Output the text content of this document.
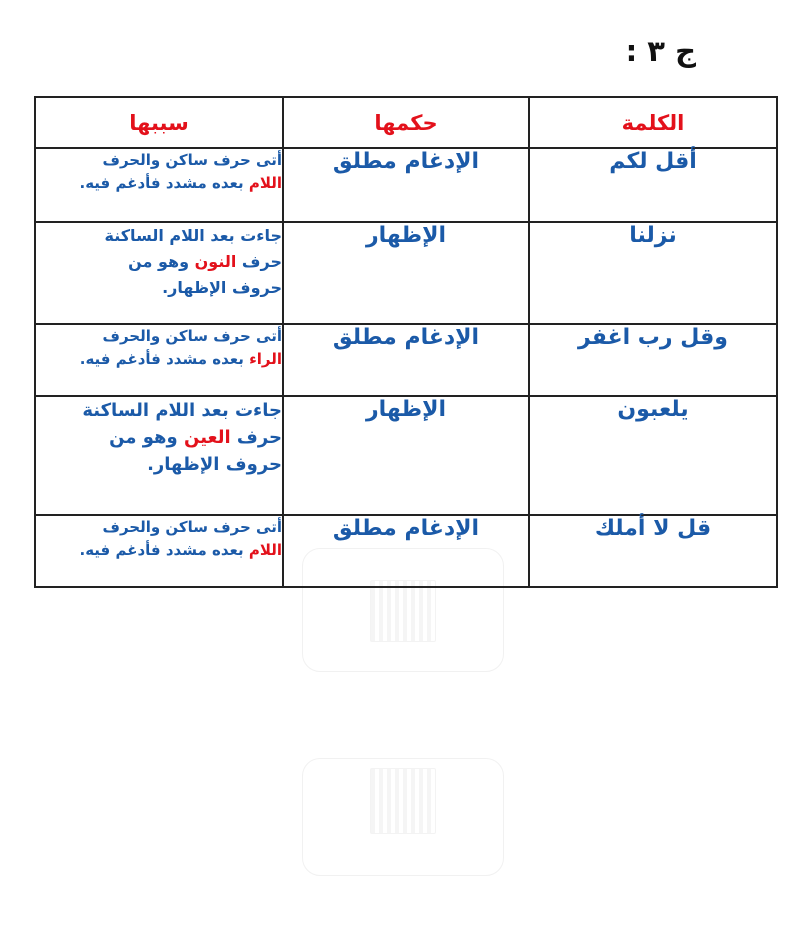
ج ٣ :
الكلمة	حكمها	سببها
أقل لكم	الإدغام مطلق	أتى حرف ساكن والحرف
اللام بعده مشدد فأدغم فيه.

نزلنا	الإظهار	جاءت بعد اللام الساكنة
حرف النون وهو من
حروف الإظهار.

وقل رب اغفر	الإدغام مطلق	أتى حرف ساكن والحرف
الراء بعده مشدد فأدغم فيه.

يلعبون	الإظهار	جاءت بعد اللام الساكنة
حرف العين وهو من
حروف الإظهار.

قل لا أملك	الإدغام مطلق	أتى حرف ساكن والحرف
اللام بعده مشدد فأدغم فيه.
